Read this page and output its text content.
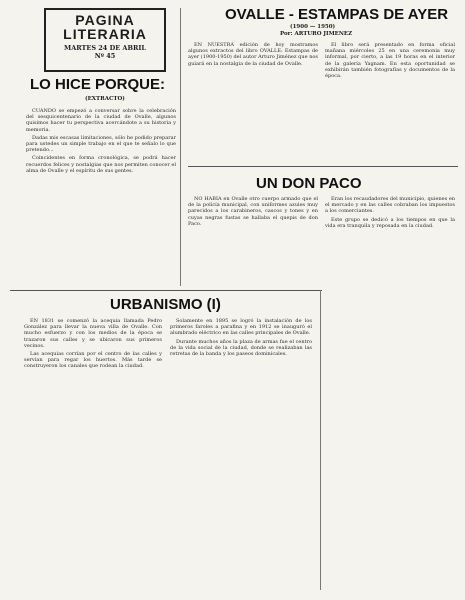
PAGINA
LITERARIA
MARTES 24 DE ABRIL
Nº 45
LO HICE PORQUE:
(EXTRACTO)

CUANDO se empezó a conversar sobre la celebración del sesquicentenario de la ciudad de Ovalle, algunos quisimos hacer tu perspectiva acercándote a su historia y memoria.

Dadas mis escasas limitaciones, sólo he podido preparar para ustedes un simple trabajo en el que te señalo lo que pretendo...

Coincidentes en forma cronológica, se podrá hacer recuerdos felices y nostalgias que nos permiten conocer el alma de Ovalle y el espíritu de sus gentes.

OVALLE - ESTAMPAS DE AYER
(1900 — 1950)
Por: ARTURO JIMENEZ

EN NUESTRA edición de hoy mostramos algunos extractos del libro OVALLE: Estampas de ayer (1900-1950) del autor Arturo Jiménez que nos guiará en la nostalgia de la ciudad de Ovalle.

El libro será presentado en forma oficial mañana miércoles 25 en una ceremonia muy informal, por cierto, a las 19 horas en el interior de la galería Yagnam. En esta oportunidad se exhibirán también fotografías y documentos de la época.

UN DON PACO

NO HABIA en Ovalle otro cuerpo armado que el de la policía municipal, con uniformes azules muy parecidos a los carabineros, cascos y tones y en cuyas negras fustas se hallaba el quepis de don Paco.

Eran los recaudadores del municipio, quienes en el mercado y en las calles cobraban los impuestos a los comerciantes.

Este grupo se dedicó a los tiempos en que la vida era tranquila y reposada en la ciudad.

URBANISMO (I)

EN 1831 se comenzó la acequia llamada Pedro González para llevar la nueva villa de Ovalle. Con mucho esfuerzo y con los medios de la época se trazaron sus calles y se ubicaron sus primeros vecinos.

Las acequias corrían por el centro de las calles y servían para regar los huertos. Más tarde se construyeron los canales que rodean la ciudad.

Solamente en 1895 se logró la instalación de los primeros faroles a parafina y en 1912 se inauguró el alumbrado eléctrico en las calles principales de Ovalle.

Durante muchos años la plaza de armas fue el centro de la vida social de la ciudad, donde se realizaban las retretas de la banda y los paseos dominicales.
